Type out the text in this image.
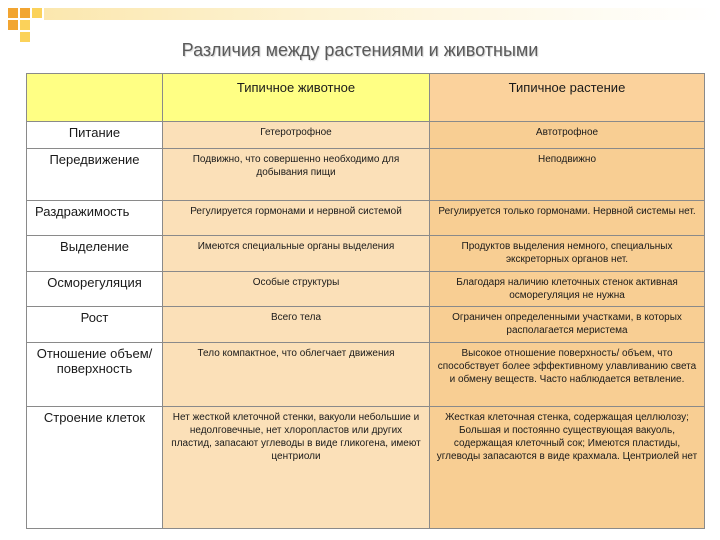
Различия между растениями и животными
	Типичное животное	Типичное растение

Питание	Гетеротрофное	Автотрофное

Передвижение	Подвижно, что совершенно необходимо для добывания пищи	Неподвижно

Раздражимость	Регулируется гормонами и нервной системой	Регулируется только гормонами. Нервной системы нет.

Выделение	Имеются специальные органы выделения	Продуктов выделения немного, специальных экскреторных органов нет.

Осморегуляция	Особые структуры	Благодаря наличию клеточных стенок активная осморегуляция не нужна

Рост	Всего тела	Ограничен определенными участками, в которых располагается меристема

Отношение объем/ поверхность	Тело компактное, что облегчает движения	Высокое отношение поверхность/ объем, что способствует более эффективному улавливанию света и обмену веществ. Часто наблюдается ветвление.

Строение клеток	Нет жесткой клеточной стенки, вакуоли небольшие и недолговечные, нет хлоропластов или других пластид, запасают углеводы в виде гликогена, имеют центриоли	Жесткая клеточная стенка, содержащая целлюлозу; Большая и постоянно существующая вакуоль, содержащая клеточный сок; Имеются пластиды, углеводы запасаются в виде крахмала. Центриолей нет
